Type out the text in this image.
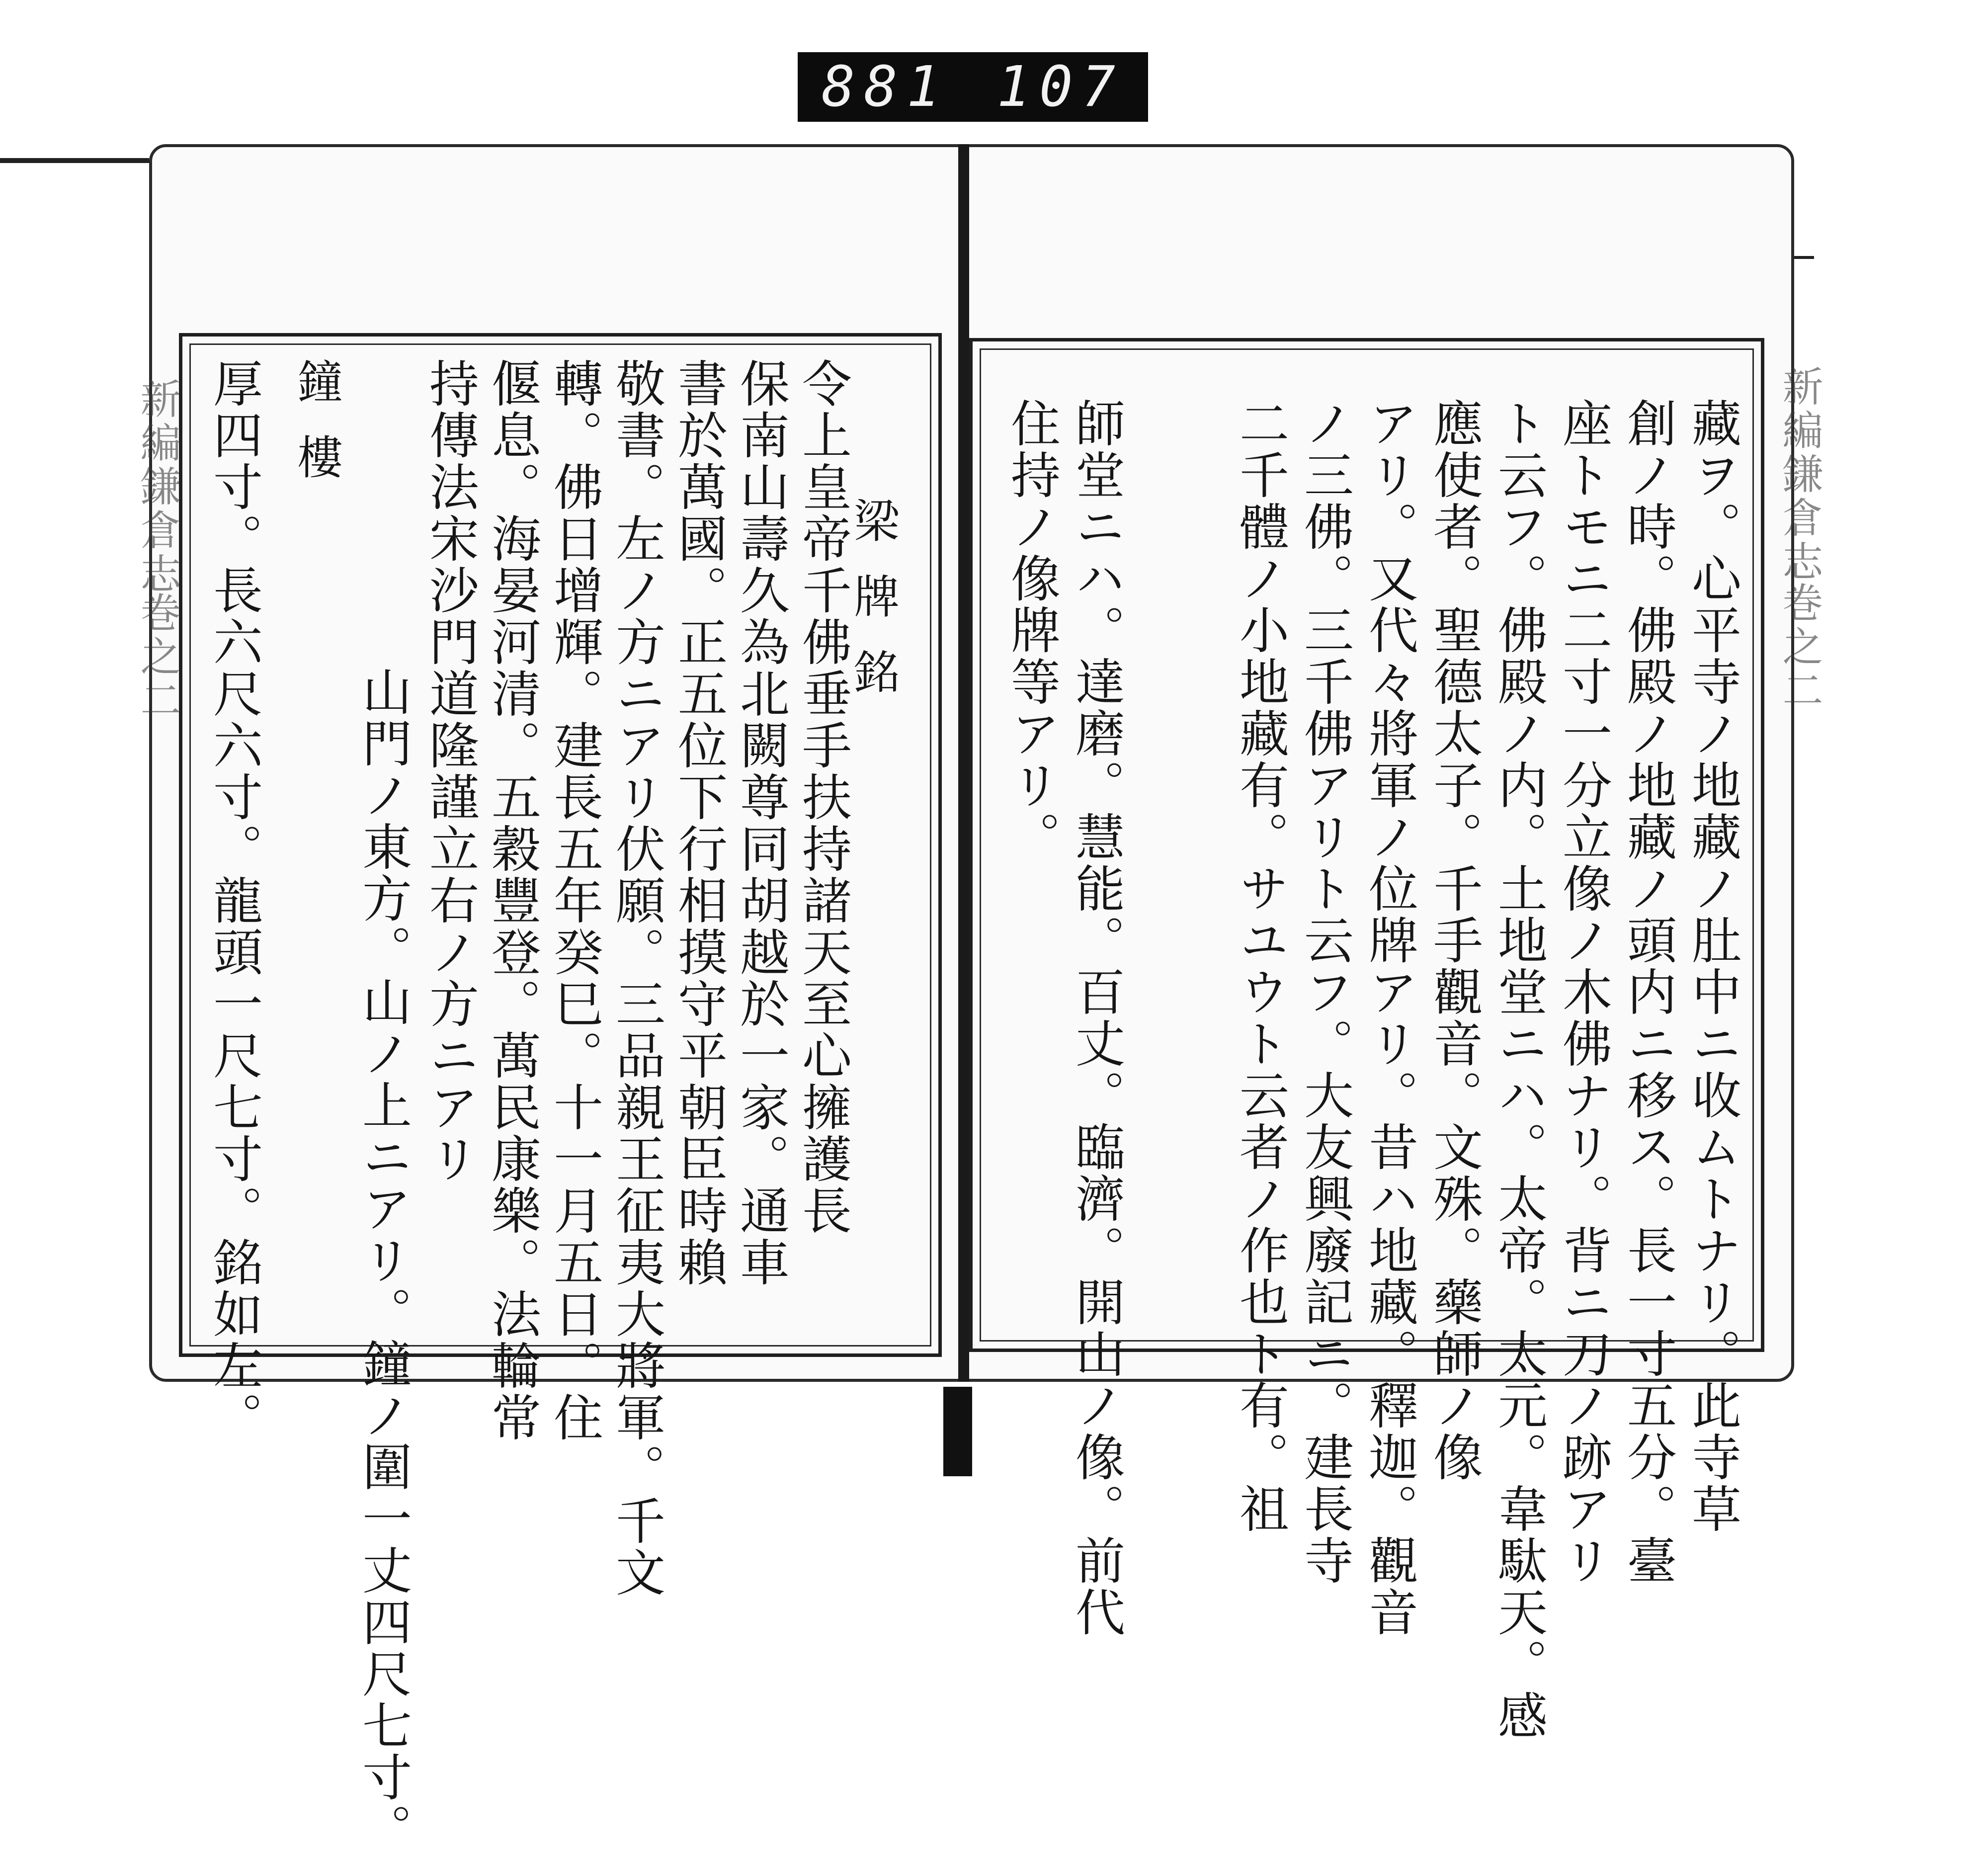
881 107
新編鎌倉志
巻之二
新編鎌倉志
巻之二
梁牌銘
令上皇帝千佛垂手扶持諸天至心擁護長
保南山壽久為北闕尊同胡越於一家。通車
書於萬國。正五位下行相摸守平朝臣時賴
敬書。左ノ方ニアリ伏願。三品親王征夷大將軍。千文
轉。佛日增輝。建長五年癸巳。十一月五日。住
偃息。海晏河清。五穀豐登。萬民康樂。法輪常
持傳法宋沙門道隆謹立右ノ方ニアリ
山門ノ東方。山ノ上ニアリ。鐘ノ圍一丈四尺七寸。
鐘樓
厚四寸。長六尺六寸。龍頭一尺七寸。銘如左。	藏ヲ。心平寺ノ地藏ノ肚中ニ收ムトナリ。此寺草
創ノ時。佛殿ノ地藏ノ頭内ニ移ス。長一寸五分。臺
座トモニ二寸一分立像ノ木佛ナリ。背ニ刀ノ跡アリ
ト云フ。佛殿ノ内。土地堂ニハ。太帝。太元。韋駄天。感
應使者。聖德太子。千手觀音。文殊。藥師ノ像
アリ。又代々將軍ノ位牌アリ。昔ハ地藏。釋迦。觀音
ノ三佛。三千佛アリト云フ。大友興廢記ニ。建長寺
二千體ノ小地藏有。サユウト云者ノ作也ト有。祖
師堂ニハ。達磨。慧能。百丈。臨濟。開山ノ像。前代
住持ノ像牌等アリ。
